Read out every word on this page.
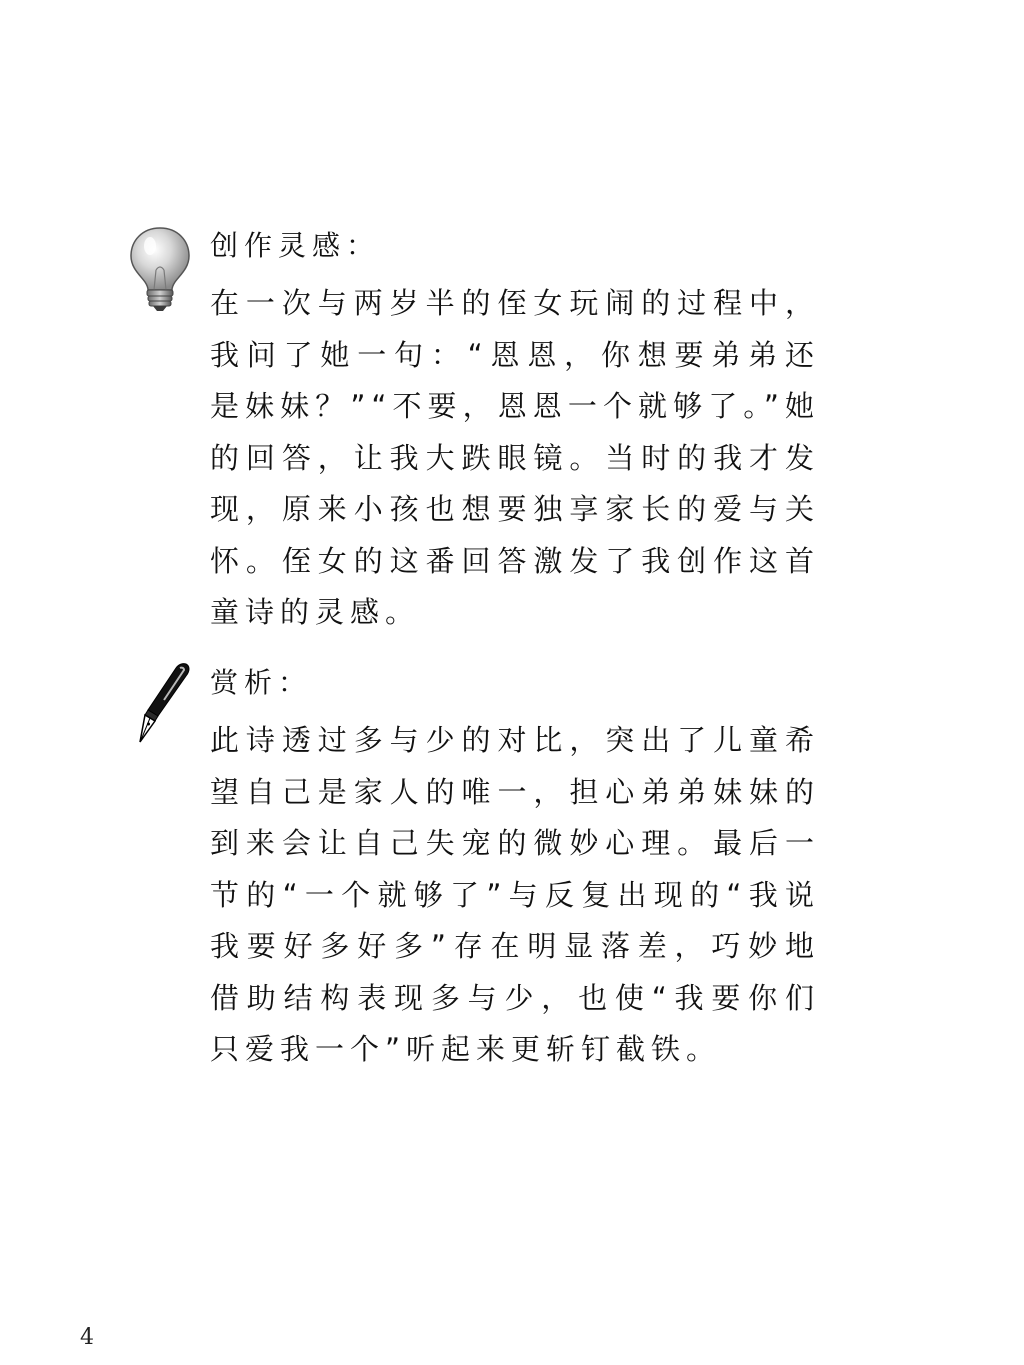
创作灵感：

在一次与两岁半的侄女玩闹的过程中，我问了她一句：“恩恩，你想要弟弟还是妹妹？”“不要，恩恩一个就够了。”她的回答，让我大跌眼镜。当时的我才发现，原来小孩也想要独享家长的爱与关怀。侄女的这番回答激发了我创作这首童诗的灵感。

赏析：

此诗透过多与少的对比，突出了儿童希望自己是家人的唯一，担心弟弟妹妹的到来会让自己失宠的微妙心理。最后一节的“一个就够了”与反复出现的“我说我要好多好多”存在明显落差，巧妙地借助结构表现多与少，也使“我要你们只爱我一个”听起来更斩钉截铁。

4
